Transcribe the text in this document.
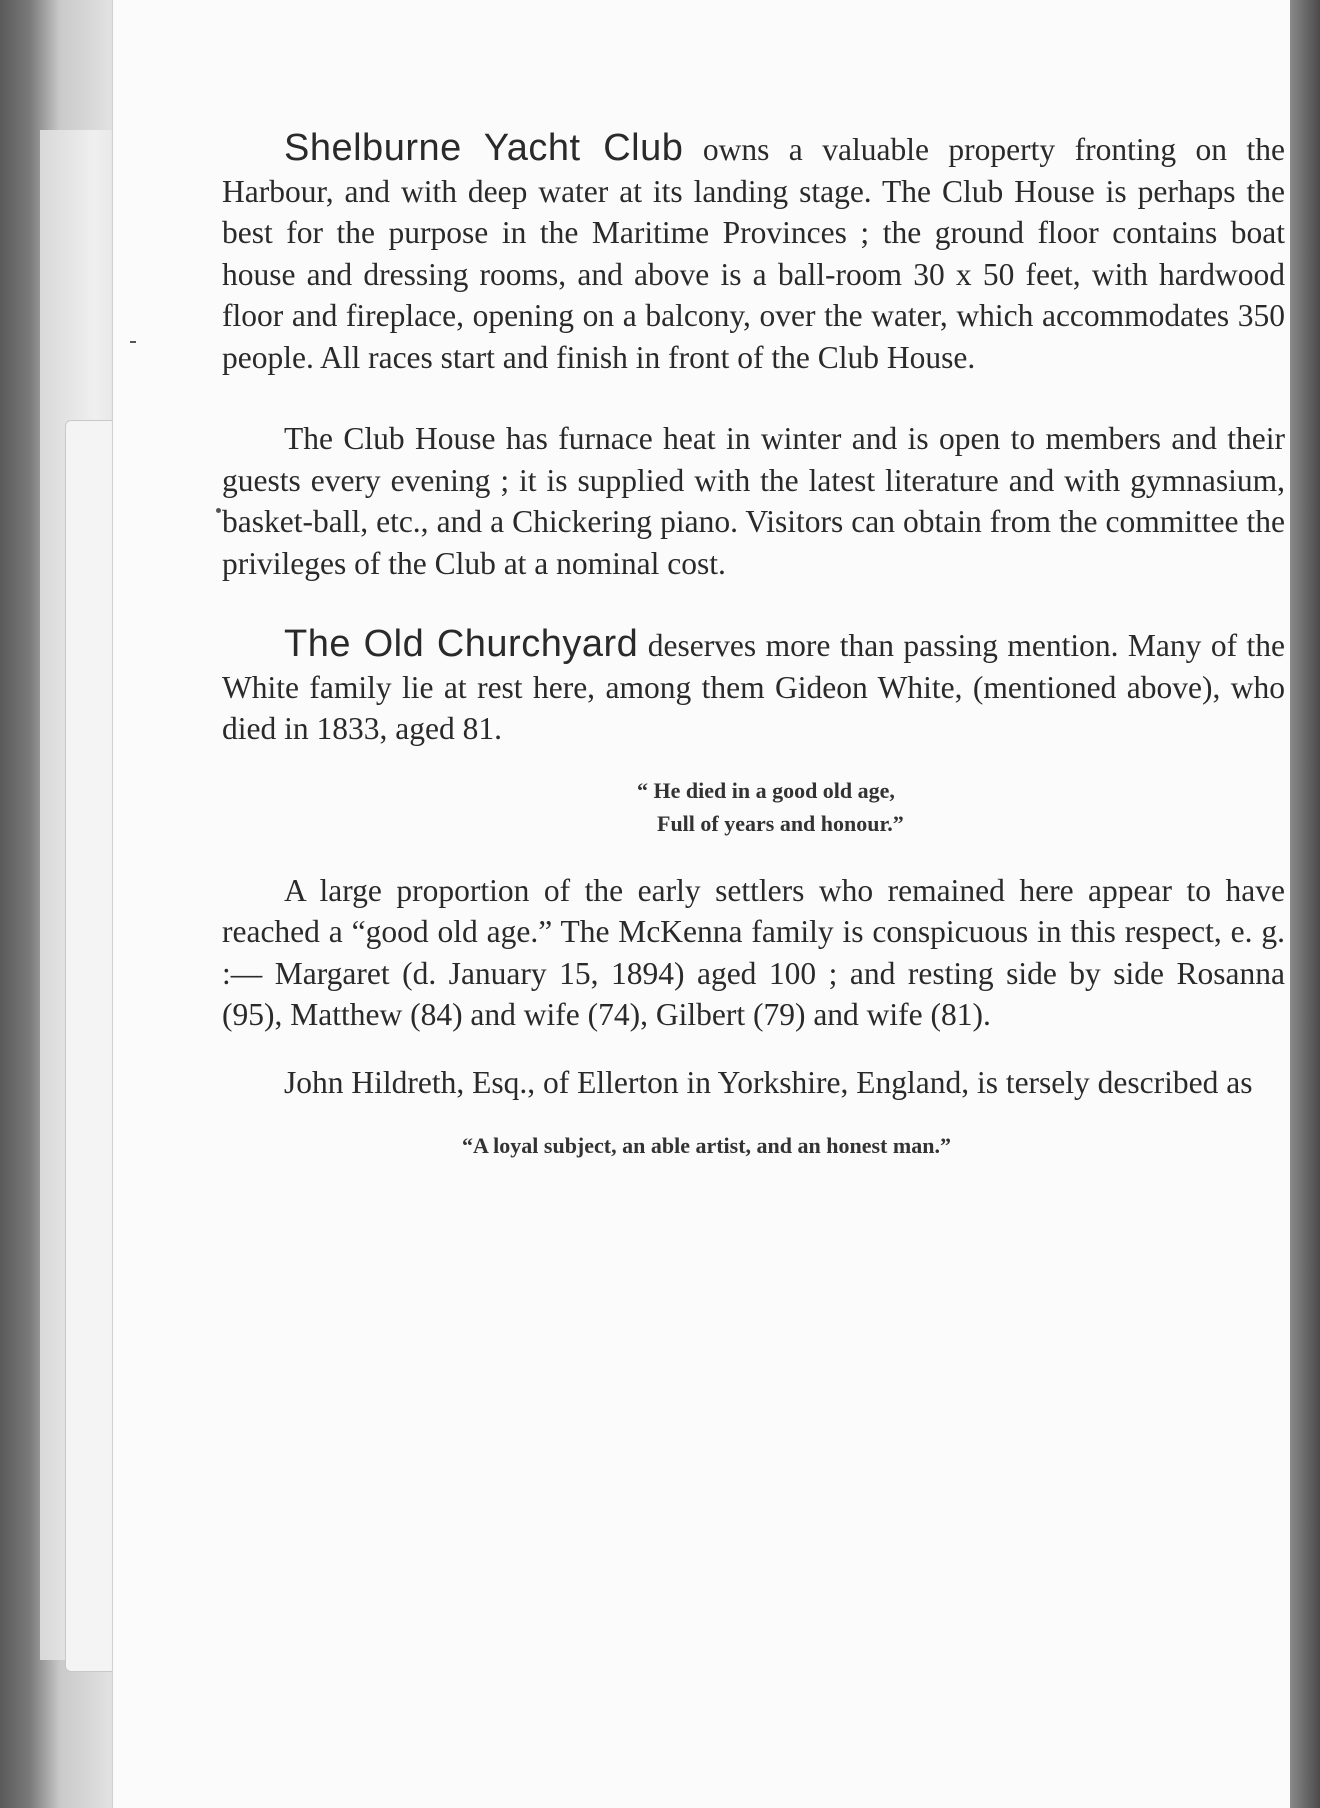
Shelburne Yacht Club owns a valuable property fronting on the Harbour, and with deep water at its landing stage. The Club House is perhaps the best for the purpose in the Maritime Provinces ; the ground floor contains boat house and dressing rooms, and above is a ball-room 30 x 50 feet, with hardwood floor and fireplace, opening on a balcony, over the water, which accommodates 350 people. All races start and finish in front of the Club House.

The Club House has furnace heat in winter and is open to members and their guests every evening ; it is supplied with the latest literature and with gymnasium, basket-ball, etc., and a Chickering piano. Visitors can obtain from the committee the privileges of the Club at a nominal cost.

The Old Churchyard deserves more than passing mention. Many of the White family lie at rest here, among them Gideon White, (mentioned above), who died in 1833, aged 81.

“ He died in a good old age,
Full of years and honour.”

A large proportion of the early settlers who remained here appear to have reached a “good old age.” The McKenna family is conspicuous in this respect, e. g. :— Margaret (d. January 15, 1894) aged 100 ; and resting side by side Rosanna (95), Matthew (84) and wife (74), Gilbert (79) and wife (81).

John Hildreth, Esq., of Ellerton in Yorkshire, England, is tersely described as

“A loyal subject, an able artist, and an honest man.”
